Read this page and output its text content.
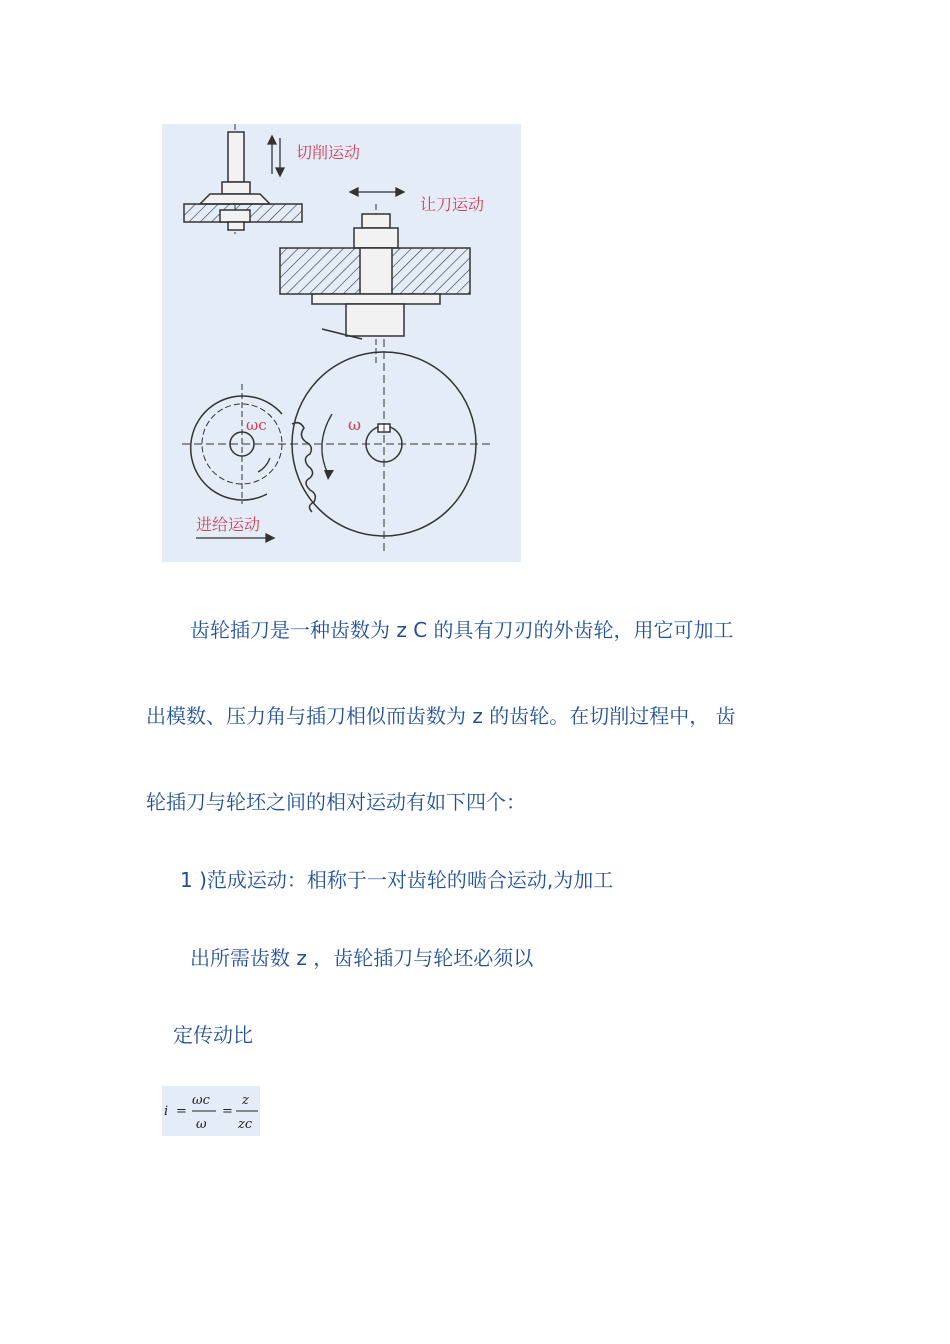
切削运动
让刀运动
ω
ωc
进给运动

齿轮插刀是一种齿数为 z C 的具有刀刃的外齿轮，用它可加工

出模数、压力角与插刀相似而齿数为 z 的齿轮。在切削过程中， 齿

轮插刀与轮坯之间的相对运动有如下四个：

1 )范成运动：相称于一对齿轮的啮合运动,为加工

出所需齿数 z ，齿轮插刀与轮坯必须以

定传动比

i =
ωc
ω
=
z
zc
